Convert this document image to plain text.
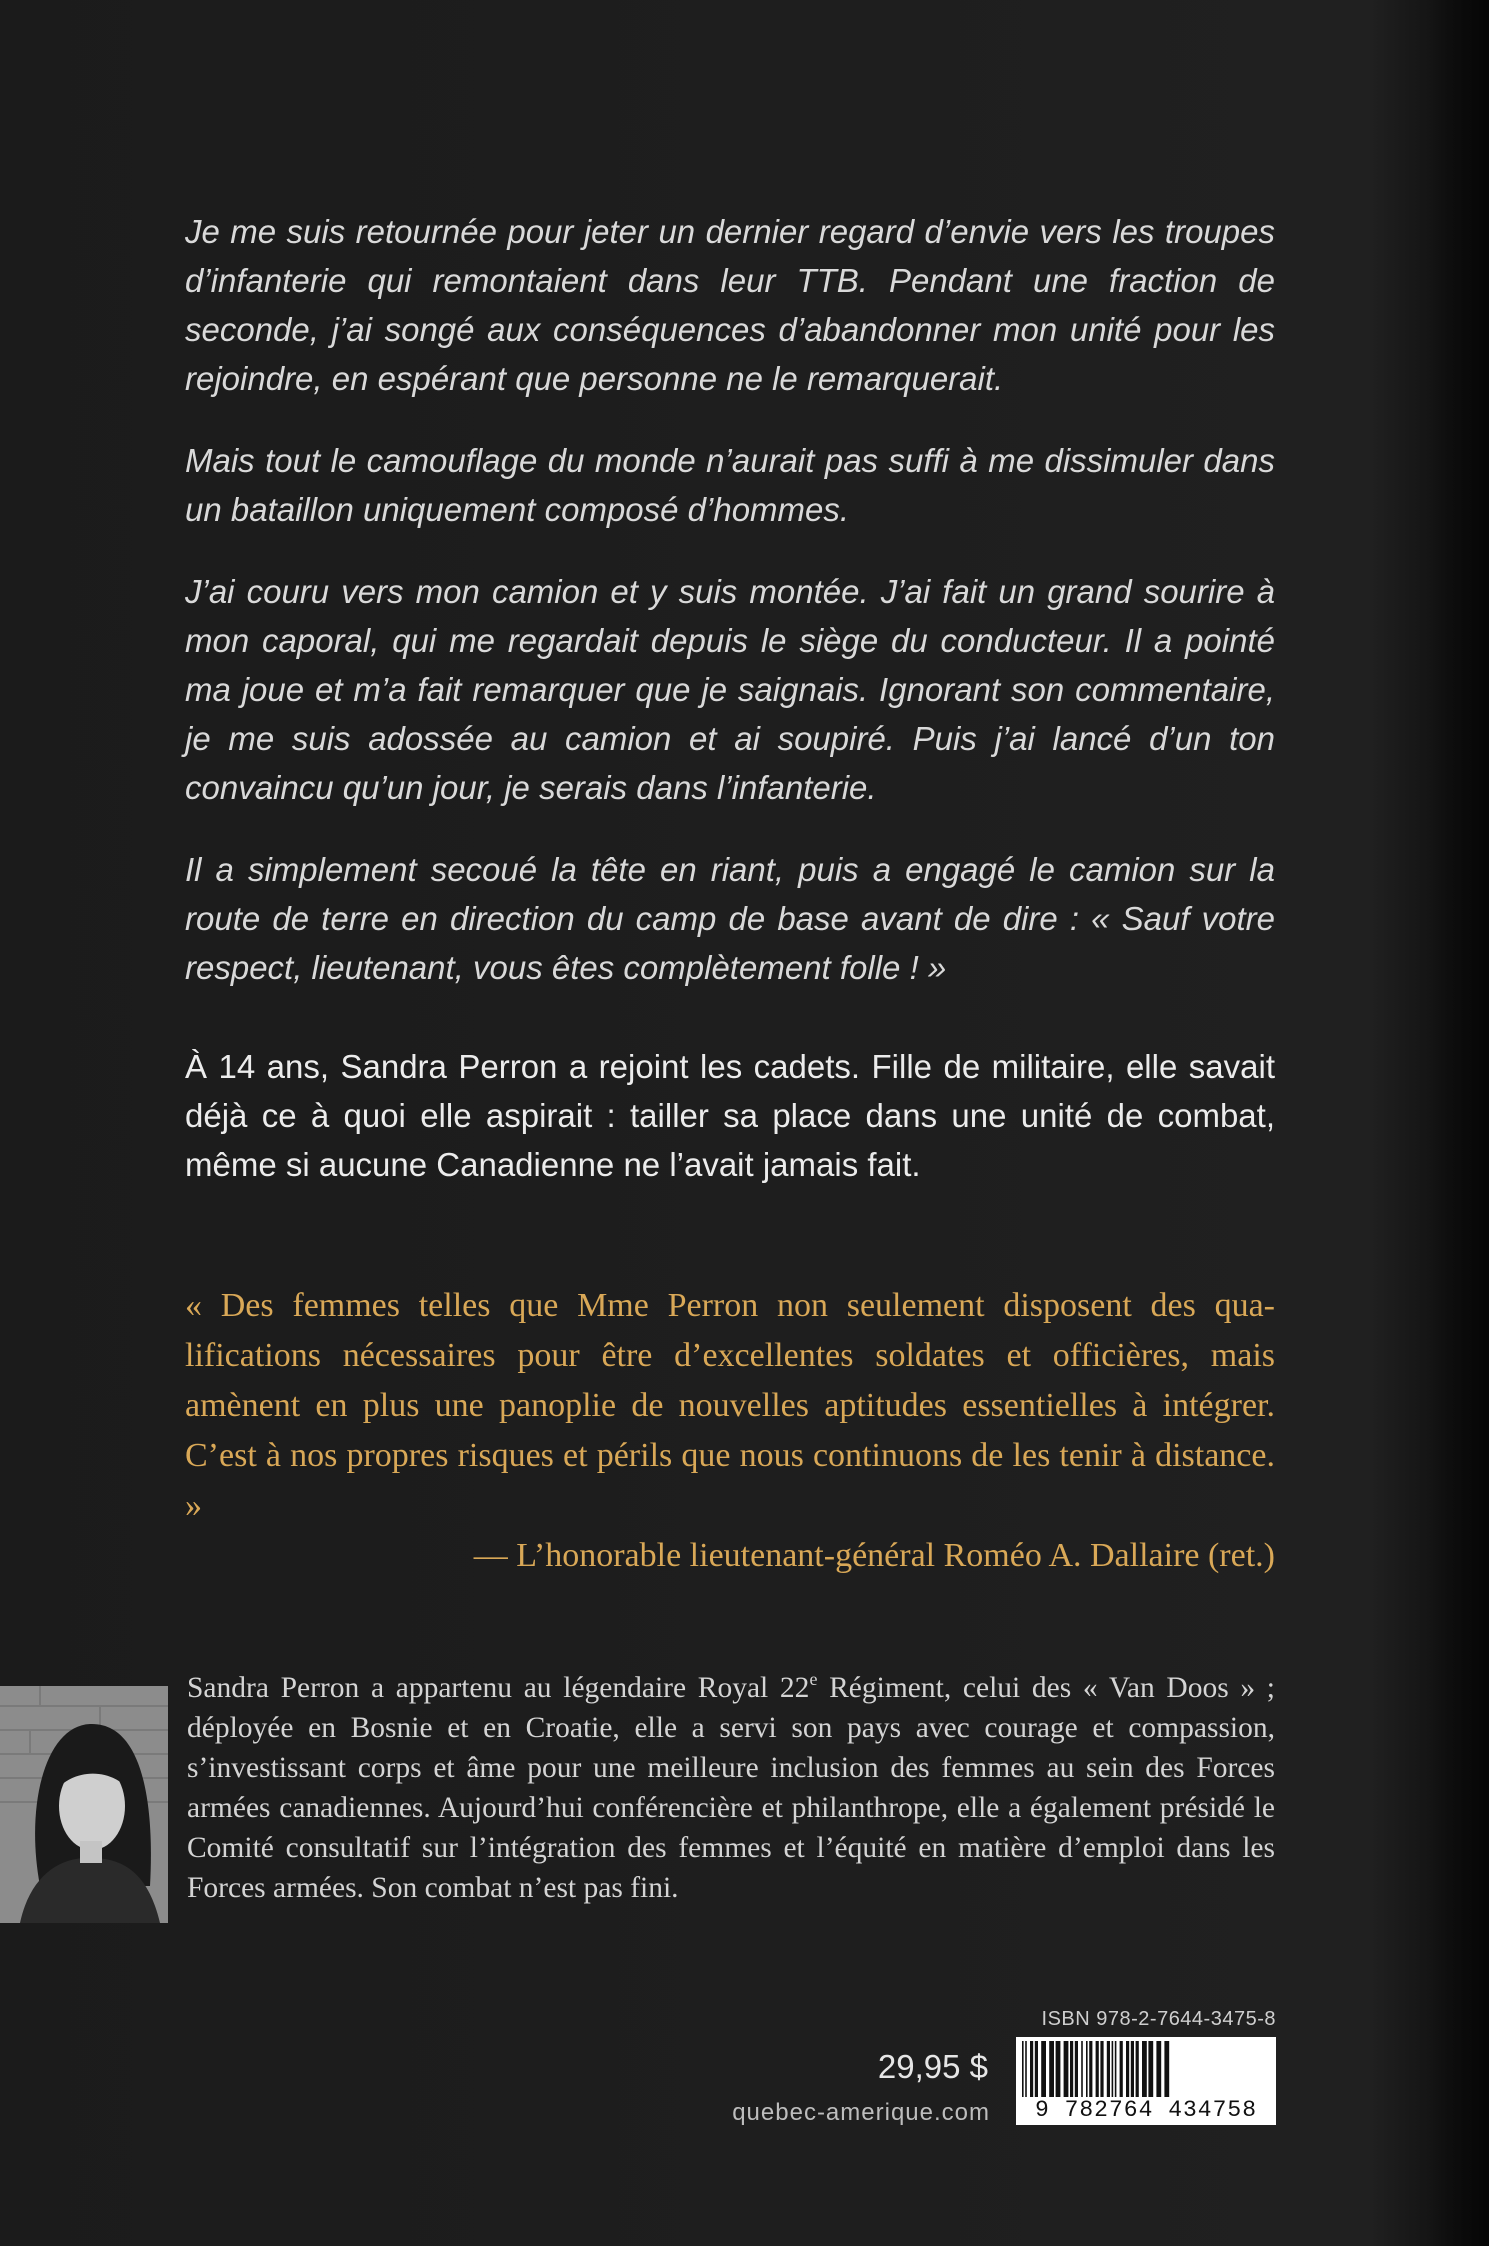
Je me suis retournée pour jeter un dernier regard d’envie vers les troupes d’infanterie qui remontaient dans leur TTB. Pendant une fraction de seconde, j’ai songé aux conséquences d’abandonner mon unité pour les rejoindre, en espérant que personne ne le remarquerait.

Mais tout le camouflage du monde n’aurait pas suffi à me dissimuler dans un bataillon uniquement composé d’hommes.

J’ai couru vers mon camion et y suis montée. J’ai fait un grand sourire à mon caporal, qui me regardait depuis le siège du conducteur. Il a pointé ma joue et m’a fait remarquer que je saignais. Ignorant son commentaire, je me suis adossée au camion et ai soupiré. Puis j’ai lancé d’un ton convaincu qu’un jour, je serais dans l’infanterie.

Il a simplement secoué la tête en riant, puis a engagé le camion sur la route de terre en direction du camp de base avant de dire : « Sauf votre respect, lieutenant, vous êtes complètement folle ! »

À 14 ans, Sandra Perron a rejoint les cadets. Fille de militaire, elle savait déjà ce à quoi elle aspirait : tailler sa place dans une unité de combat, même si aucune Canadienne ne l’avait jamais fait.

« Des femmes telles que Mme Perron non seulement disposent des qualifications nécessaires pour être d’excellentes soldates et officières, mais amènent en plus une panoplie de nouvelles aptitudes essentielles à intégrer. C’est à nos propres risques et périls que nous continuons de les tenir à distance. »

— L’honorable lieutenant-général Roméo A. Dallaire (ret.)

Sandra Perron a appartenu au légendaire Royal 22e Régiment, celui des « Van Doos » ; déployée en Bosnie et en Croatie, elle a servi son pays avec courage et compassion, s’investissant corps et âme pour une meilleure inclusion des femmes au sein des Forces armées canadiennes. Aujourd’hui conférencière et philanthrope, elle a également présidé le Comité consultatif sur l’intégration des femmes et l’équité en matière d’emploi dans les Forces armées. Son combat n’est pas fini.

29,95 $
quebec-amerique.com
ISBN 978-2-7644-3475-8
9 782764 434758
